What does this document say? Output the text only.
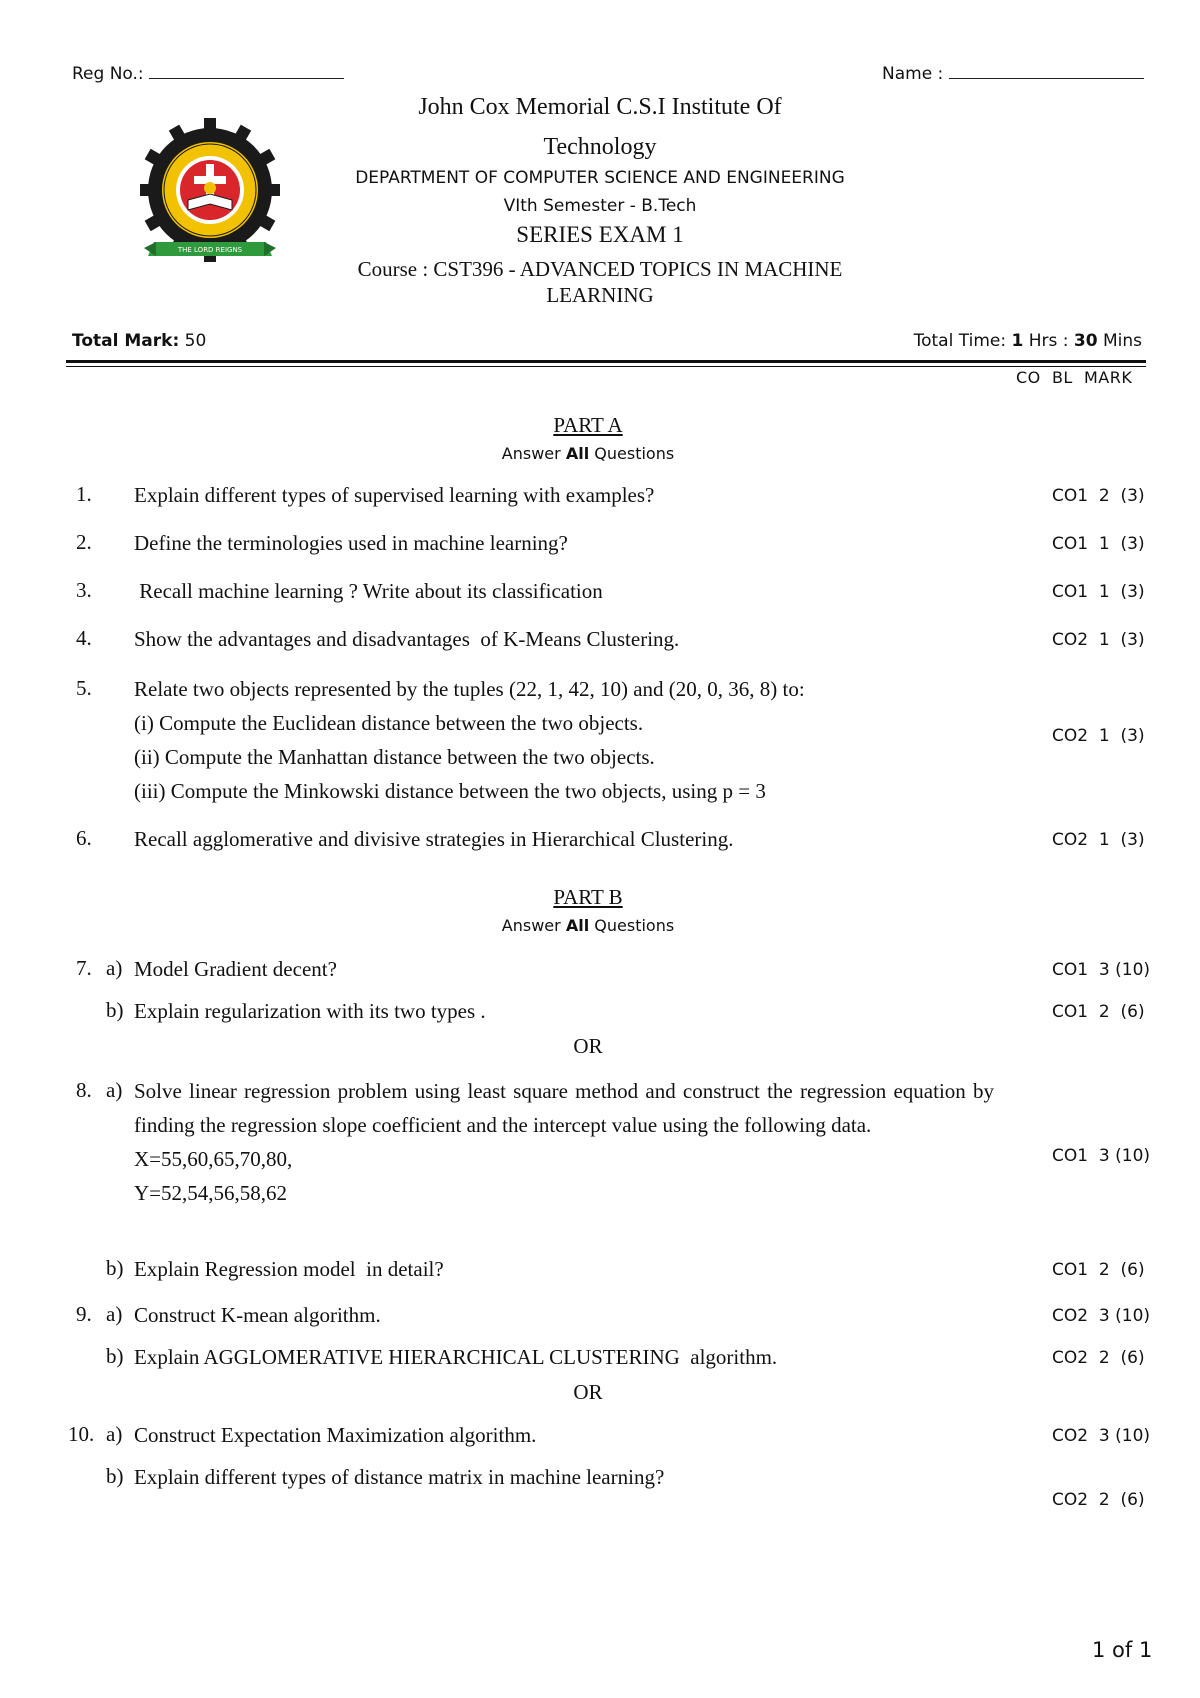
Reg No.:	Name :
THE LORD REIGNS
John Cox Memorial C.S.I Institute Of
Technology
DEPARTMENT OF COMPUTER SCIENCE AND ENGINEERING
VIth Semester - B.Tech
SERIES EXAM 1
Course : CST396 - ADVANCED TOPICS IN MACHINE
LEARNING
Total Mark: 50	Total Time: 1 Hrs : 30 Mins
CO  BL  MARK
PART A
Answer All Questions
1. Explain different types of supervised learning with examples?	CO1 2 (3)
2. Define the terminologies used in machine learning?	CO1 1 (3)
3. Recall machine learning ? Write about its classification	CO1 1 (3)
4. Show the advantages and disadvantages  of K-Means Clustering.	CO2 1 (3)
5. Relate two objects represented by the tuples (22, 1, 42, 10) and (20, 0, 36, 8) to:
(i) Compute the Euclidean distance between the two objects.
(ii) Compute the Manhattan distance between the two objects.
(iii) Compute the Minkowski distance between the two objects, using p = 3
CO2 1 (3)
6. Recall agglomerative and divisive strategies in Hierarchical Clustering.	CO2 1 (3)
PART B
Answer All Questions
7. a) Model Gradient decent?	CO1 3 (10)
b) Explain regularization with its two types .	CO1 2 (6)
OR
8. a) Solve linear regression problem using least square method and construct the regression equation by finding the regression slope coefficient and the intercept value using the following data.
X=55,60,65,70,80,
Y=52,54,56,58,62
CO1 3 (10)
b) Explain Regression model  in detail?	CO1 2 (6)
9. a) Construct K-mean algorithm.	CO2 3 (10)
b) Explain AGGLOMERATIVE HIERARCHICAL CLUSTERING  algorithm.	CO2 2 (6)
OR
10. a) Construct Expectation Maximization algorithm.	CO2 3 (10)
b) Explain different types of distance matrix in machine learning?
CO2 2 (6)
1 of 1
